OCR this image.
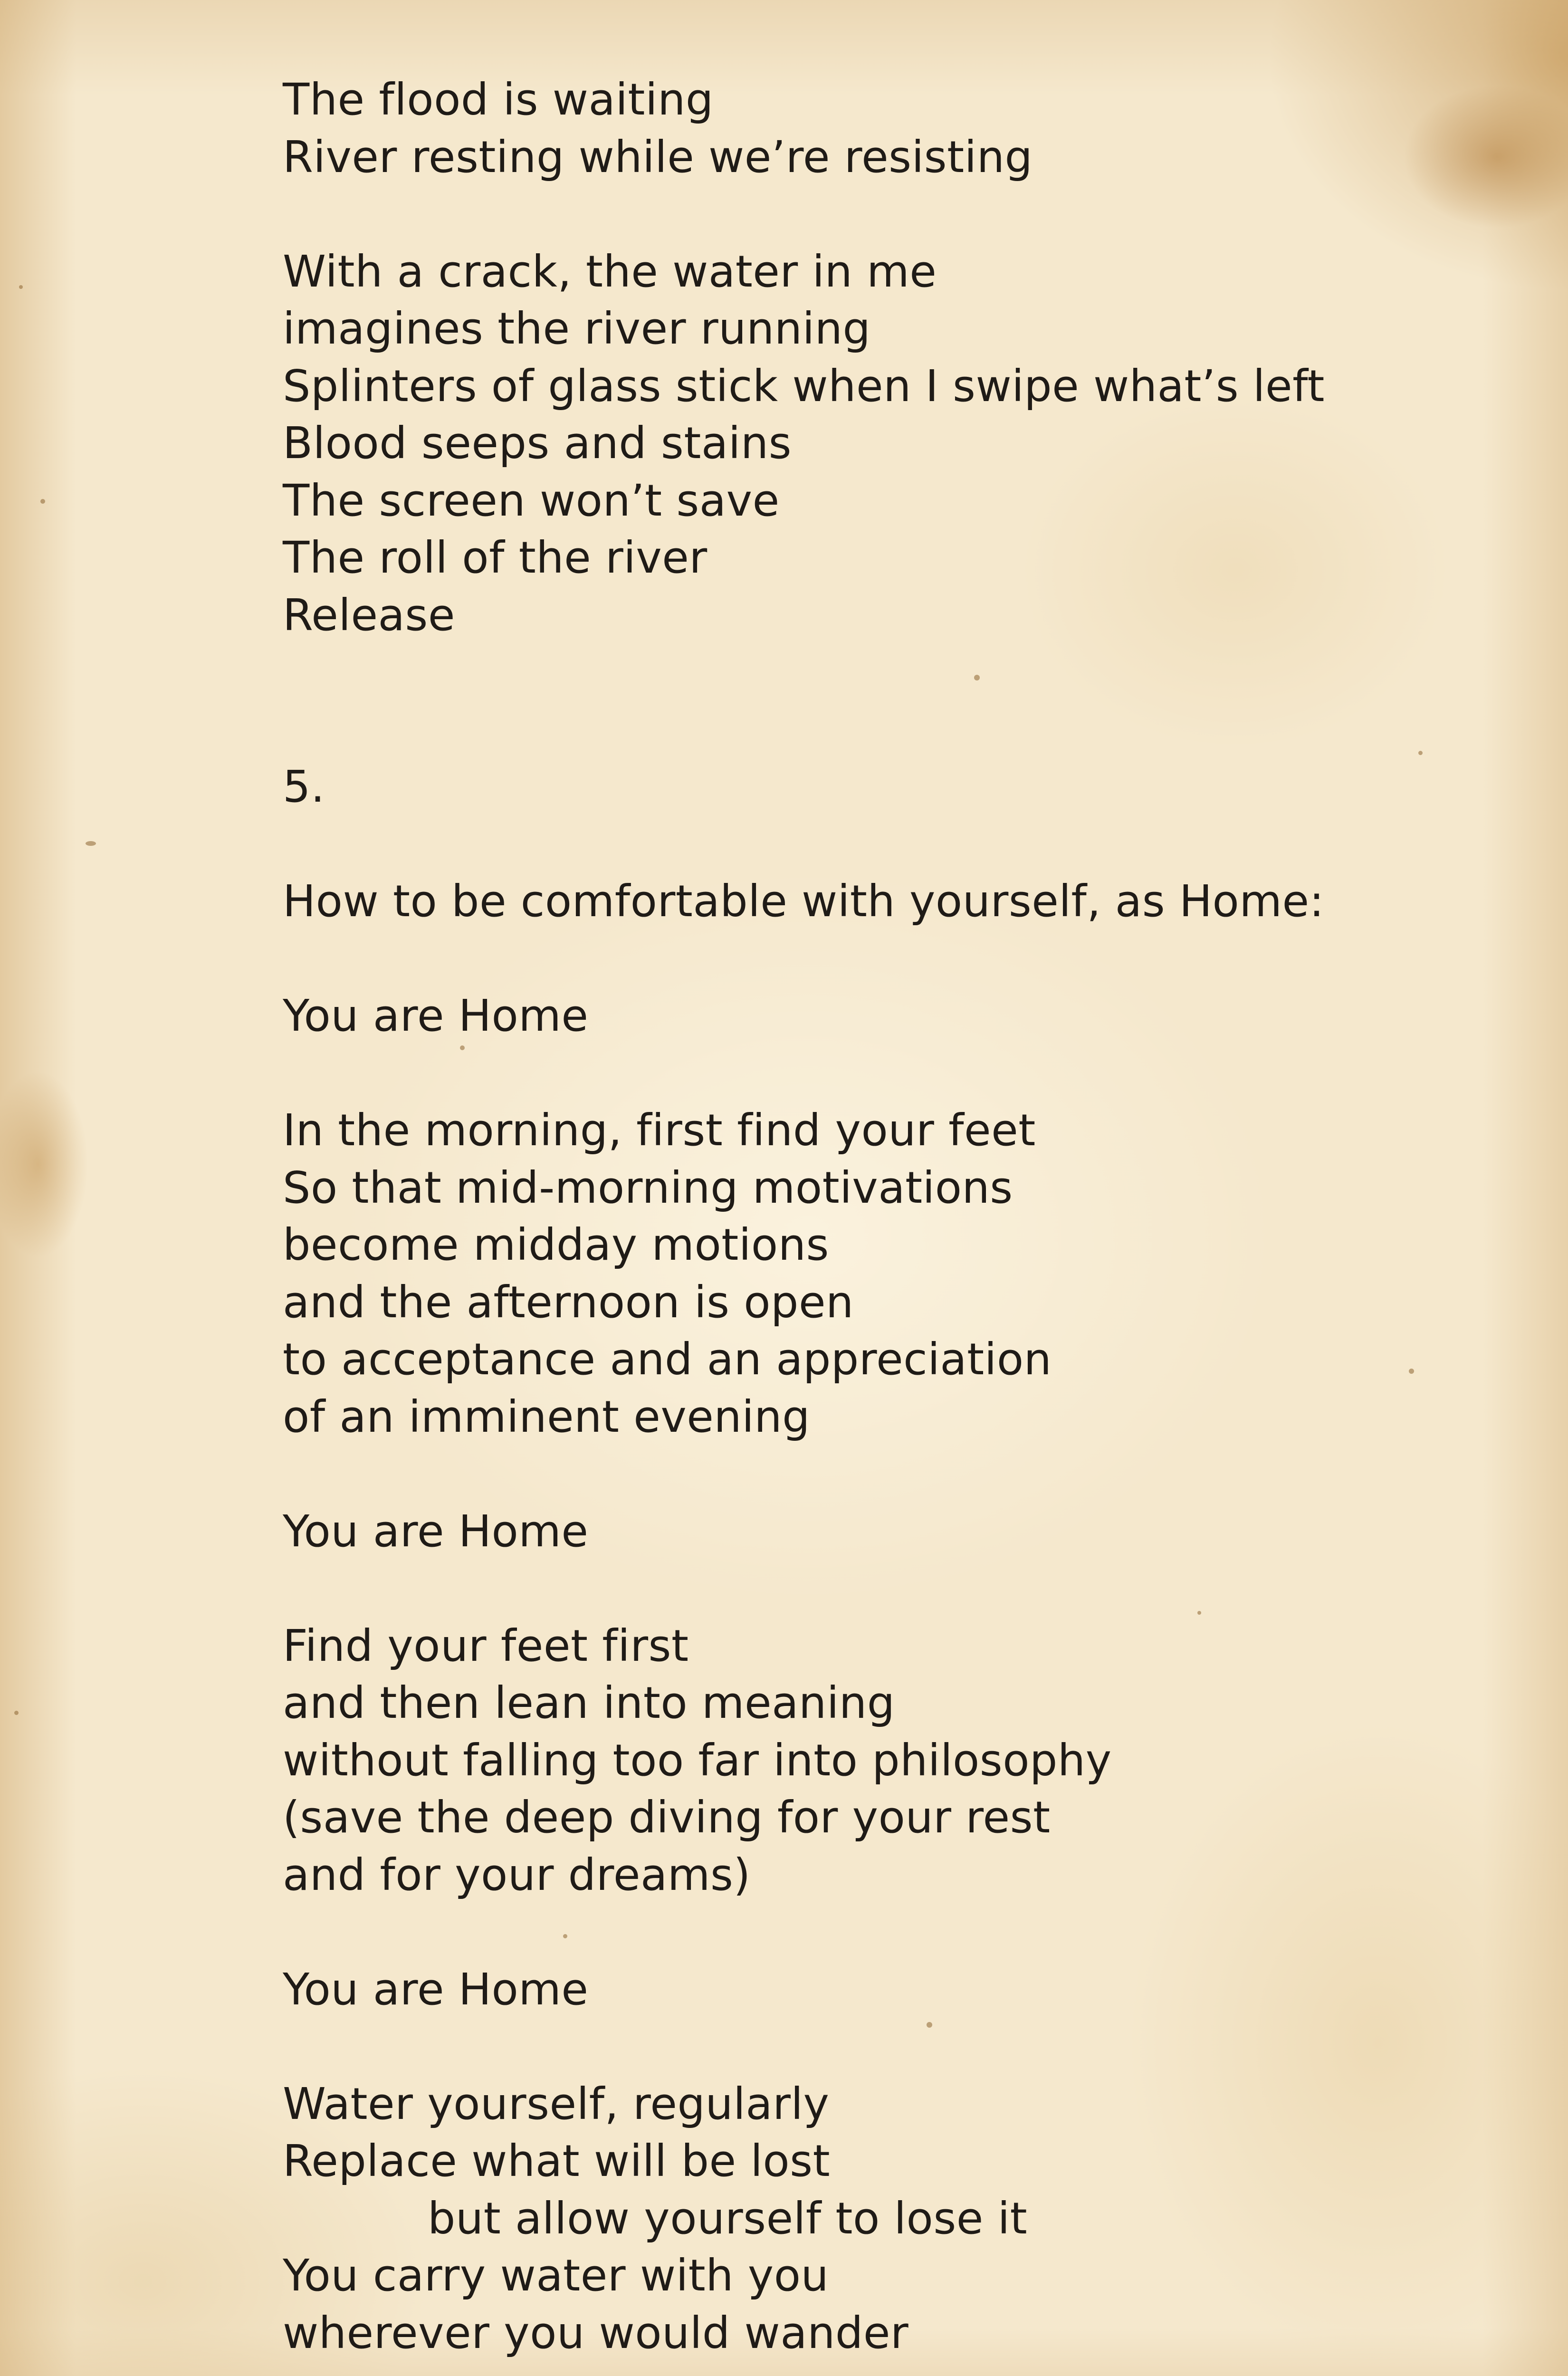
The flood is waiting
River resting while we’re resisting
With a crack, the water in me
imagines the river running
Splinters of glass stick when I swipe what’s left
Blood seeps and stains
The screen won’t save
The roll of the river
Release
5.
How to be comfortable with yourself, as Home:
You are Home
In the morning, first find your feet
So that mid-morning motivations
become midday motions
and the afternoon is open
to acceptance and an appreciation
of an imminent evening
You are Home
Find your feet first
and then lean into meaning
without falling too far into philosophy
(save the deep diving for your rest
and for your dreams)
You are Home
Water yourself, regularly
Replace what will be lost
but allow yourself to lose it
You carry water with you
wherever you would wander
